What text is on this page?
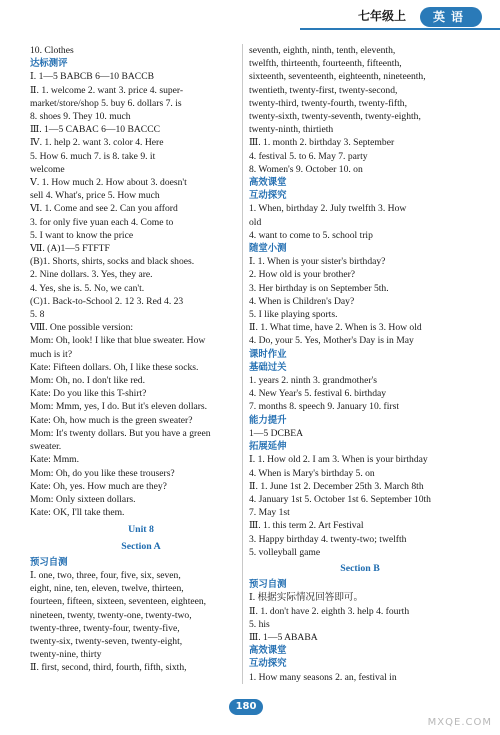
七年级上	英语
10. Clothes
达标测评
Ⅰ. 1—5 BABCB 6—10 BACCB
Ⅱ. 1. welcome 2. want 3. price 4. super-
market/store/shop 5. buy 6. dollars 7. is
8. shoes 9. They 10. much
Ⅲ. 1—5 CABAC 6—10 BACCC
Ⅳ. 1. help 2. want 3. color 4. Here
5. How 6. much 7. is 8. take 9. it
welcome
Ⅴ. 1. How much 2. How about 3. doesn't
sell 4. What's, price 5. How much
Ⅵ. 1. Come and see 2. Can you afford
3. for only five yuan each 4. Come to
5. I want to know the price
Ⅶ. (A)1—5 FTFTF
(B)1. Shorts, shirts, socks and black shoes.
2. Nine dollars. 3. Yes, they are.
4. Yes, she is. 5. No, we can't.
(C)1. Back-to-School 2. 12 3. Red 4. 23
5. 8
Ⅷ. One possible version:
Mom: Oh, look! I like that blue sweater. How
much is it?
Kate: Fifteen dollars. Oh, I like these socks.
Mom: Oh, no. I don't like red.
Kate: Do you like this T-shirt?
Mom: Mmm, yes, I do. But it's eleven dollars.
Kate: Oh, how much is the green sweater?
Mom: It's twenty dollars. But you have a green
sweater.
Kate: Mmm.
Mom: Oh, do you like these trousers?
Kate: Oh, yes. How much are they?
Mom: Only sixteen dollars.
Kate: OK, I'll take them.
Unit 8
Section A
预习自测
Ⅰ. one, two, three, four, five, six, seven,
eight, nine, ten, eleven, twelve, thirteen,
fourteen, fifteen, sixteen, seventeen, eighteen,
nineteen, twenty, twenty-one, twenty-two,
twenty-three, twenty-four, twenty-five,
twenty-six, twenty-seven, twenty-eight,
twenty-nine, thirty
Ⅱ. first, second, third, fourth, fifth, sixth,
seventh, eighth, ninth, tenth, eleventh,
twelfth, thirteenth, fourteenth, fifteenth,
sixteenth, seventeenth, eighteenth, nineteenth,
twentieth, twenty-first, twenty-second,
twenty-third, twenty-fourth, twenty-fifth,
twenty-sixth, twenty-seventh, twenty-eighth,
twenty-ninth, thirtieth
Ⅲ. 1. month 2. birthday 3. September
4. festival 5. to 6. May 7. party
8. Women's 9. October 10. on
高效课堂
互动探究
1. When, birthday 2. July twelfth 3. How
old
4. want to come to 5. school trip
随堂小测
Ⅰ. 1. When is your sister's birthday?
2. How old is your brother?
3. Her birthday is on September 5th.
4. When is Children's Day?
5. I like playing sports.
Ⅱ. 1. What time, have 2. When is 3. How old
4. Do, your 5. Yes, Mother's Day is in May
课时作业
基础过关
1. years 2. ninth 3. grandmother's
4. New Year's 5. festival 6. birthday
7. months 8. speech 9. January 10. first
能力提升
1—5 DCBEA
拓展延伸
Ⅰ. 1. How old 2. I am 3. When is your birthday
4. When is Mary's birthday 5. on
Ⅱ. 1. June 1st 2. December 25th 3. March 8th
4. January 1st 5. October 1st 6. September 10th
7. May 1st
Ⅲ. 1. this term 2. Art Festival
3. Happy birthday 4. twenty-two; twelfth
5. volleyball game
Section B
预习自测
Ⅰ. 根据实际情况回答即可。
Ⅱ. 1. don't have 2. eighth 3. help 4. fourth
5. his
Ⅲ. 1—5 ABABA
高效课堂
互动探究
1. How many seasons 2. an, festival in
180
MXQE.COM
